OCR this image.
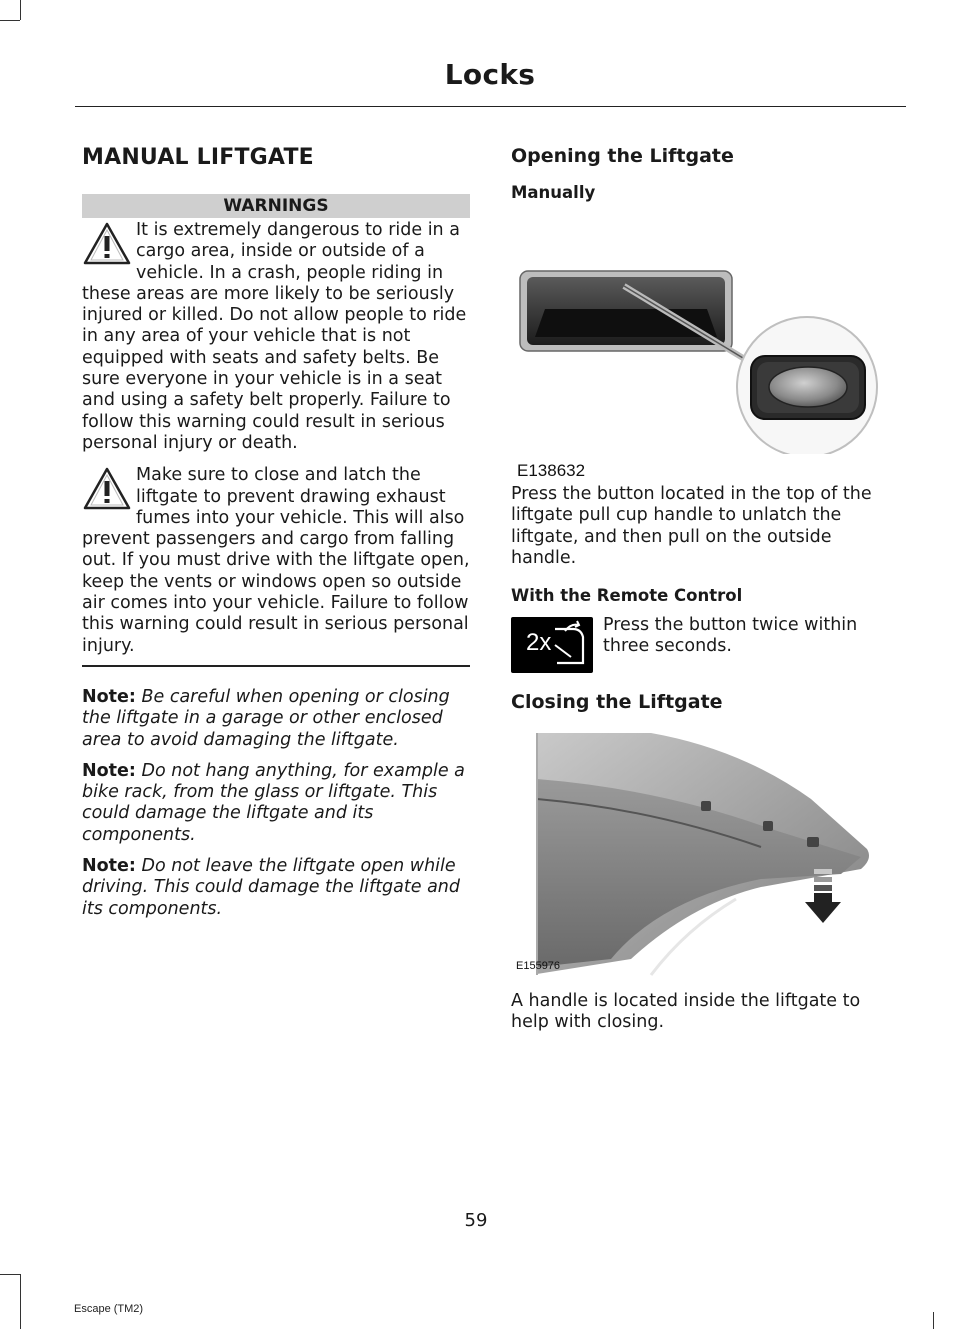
Locks
MANUAL LIFTGATE
WARNINGS

It is extremely dangerous to ride in a cargo area, inside or outside of a vehicle. In a crash, people riding in these areas are more likely to be seriously injured or killed. Do not allow people to ride in any area of your vehicle that is not equipped with seats and safety belts. Be sure everyone in your vehicle is in a seat and using a safety belt properly. Failure to follow this warning could result in serious personal injury or death.

Make sure to close and latch the liftgate to prevent drawing exhaust fumes into your vehicle. This will also prevent passengers and cargo from falling out. If you must drive with the liftgate open, keep the vents or windows open so outside air comes into your vehicle. Failure to follow this warning could result in serious personal injury.

Note: Be careful when opening or closing the liftgate in a garage or other enclosed area to avoid damaging the liftgate.

Note: Do not hang anything, for example a bike rack, from the glass or liftgate. This could damage the liftgate and its components.

Note: Do not leave the liftgate open while driving. This could damage the liftgate and its components.

Opening the Liftgate
Manually
E138632

Press the button located in the top of the liftgate pull cup handle to unlatch the liftgate, and then pull on the outside handle.

With the Remote Control
2x

Press the button twice within three seconds.

Closing the Liftgate
E155976

A handle is located inside the liftgate to help with closing.

59
Escape (TM2)
